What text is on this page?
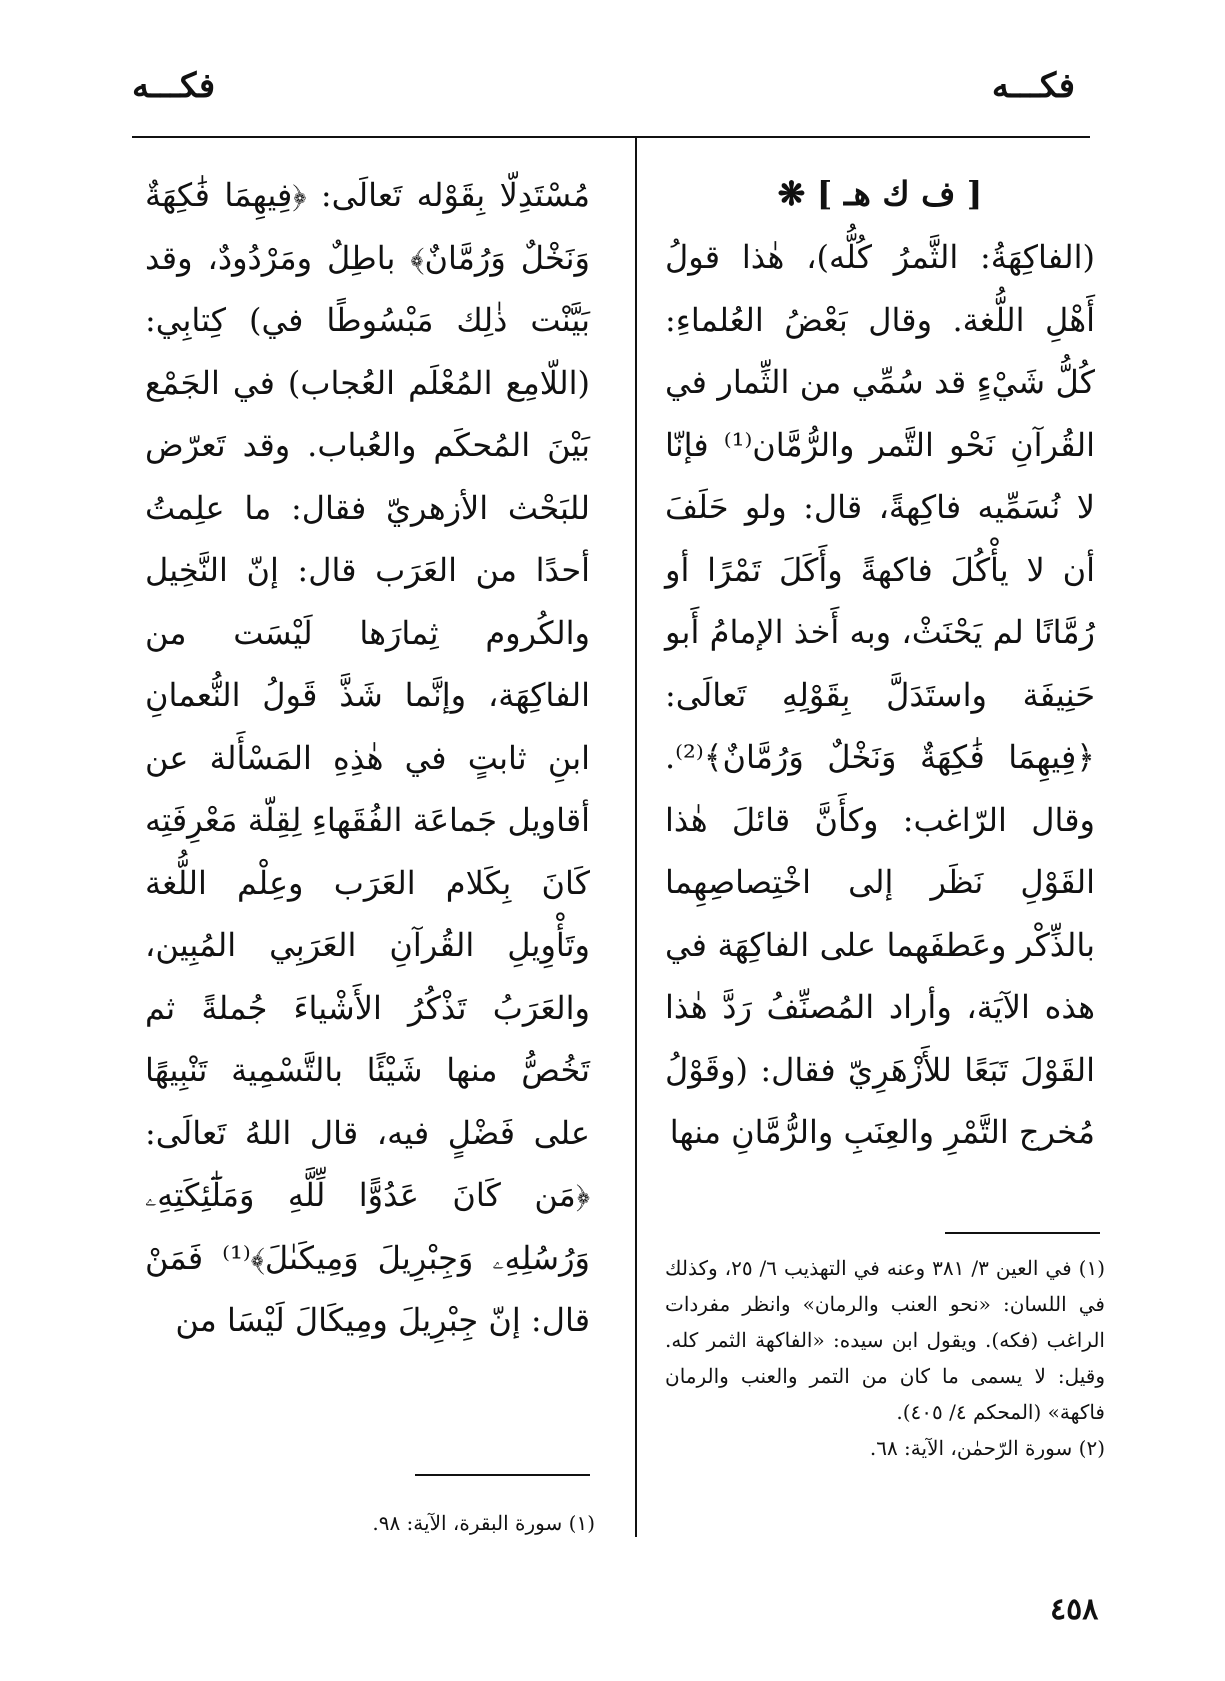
فكـــه
فكـــه

[ ف ك هـ ] ❋

(الفاكِهَةُ: الثَّمرُ كُلُّه)، هٰذا قولُ أَهْلِ اللُّغة. وقال بَعْضُ العُلماءِ: كُلُّ شَيْءٍ قد سُمِّي من الثِّمار في القُرآنِ نَحْو التَّمر والرُّمَّان⁽¹⁾ فإنّا لا نُسَمِّيه فاكِهةً، قال: ولو حَلَفَ أن لا يأْكُلَ فاكهةً وأَكَلَ تَمْرًا أو رُمَّانًا لم يَحْنَثْ، وبه أَخذ الإمامُ أَبو حَنِيفَة واستَدَلَّ بِقَوْلِهِ تَعالَى: ﴿فِيهِمَا فَٰكِهَةٌ وَنَخْلٌ وَرُمَّانٌ﴾⁽²⁾. وقال الرّاغب: وكأَنَّ قائلَ هٰذا القَوْلِ نَظَر إلى اخْتِصاصِهِما بالذِّكْر وعَطفَهما على الفاكِهَة في هذه الآيَة، وأراد المُصنِّفُ رَدَّ هٰذا القَوْلَ تَبَعًا للأَزْهَرِيّ فقال: (وقَوْلُ مُخرج التَّمْرِ والعِنَبِ والرُّمَّانِ منها

مُسْتَدِلّا بِقَوْله تَعالَى: ﴿فِيهِمَا فَٰكِهَةٌ وَنَخْلٌ وَرُمَّانٌ﴾ باطِلٌ ومَرْدُودٌ، وقد بَيَّنْت ذٰلِك مَبْسُوطًا في) كِتابِي: (اللّامِع المُعْلَم العُجاب) في الجَمْع بَيْنَ المُحكَم والعُباب. وقد تَعرّض للبَحْث الأزهريّ فقال: ما علِمتُ أحدًا من العَرَب قال: إنّ النَّخِيل والكُروم ثِمارَها لَيْسَت من الفاكِهَة، وإنَّما شَذَّ قَولُ النُّعمانِ ابنِ ثابتٍ في هٰذِهِ المَسْأَلة عن أقاويل جَماعَة الفُقَهاءِ لِقِلّة مَعْرِفَتِه كَانَ بِكَلام العَرَب وعِلْم اللُّغة وتَأْوِيلِ القُرآنِ العَرَبِي المُبِين، والعَرَبُ تَذْكُرُ الأَشْياءَ جُملةً ثم تَخُصُّ منها شَيْئًا بالتَّسْمِية تَنْبِيهًا على فَضْلٍ فيه، قال اللهُ تَعالَى: ﴿مَن كَانَ عَدُوًّا لِّلَّهِ وَمَلَٰٓئِكَتِهِۦ وَرُسُلِهِۦ وَجِبْرِيلَ وَمِيكَىٰلَ﴾⁽¹⁾ فَمَنْ قال: إنّ جِبْرِيلَ ومِيكَالَ لَيْسَا من

(١) في العين ٣/ ٣٨١ وعنه في التهذيب ٦/ ٢٥، وكذلك في اللسان: «نحو العنب والرمان» وانظر مفردات الراغب (فكه). ويقول ابن سيده: «الفاكهة الثمر كله. وقيل: لا يسمى ما كان من التمر والعنب والرمان فاكهة» (المحكم ٤/ ٤٠٥).

(٢) سورة الرّحمٰن، الآية: ٦٨.

(١) سورة البقرة، الآية: ٩٨.

٤٥٨
